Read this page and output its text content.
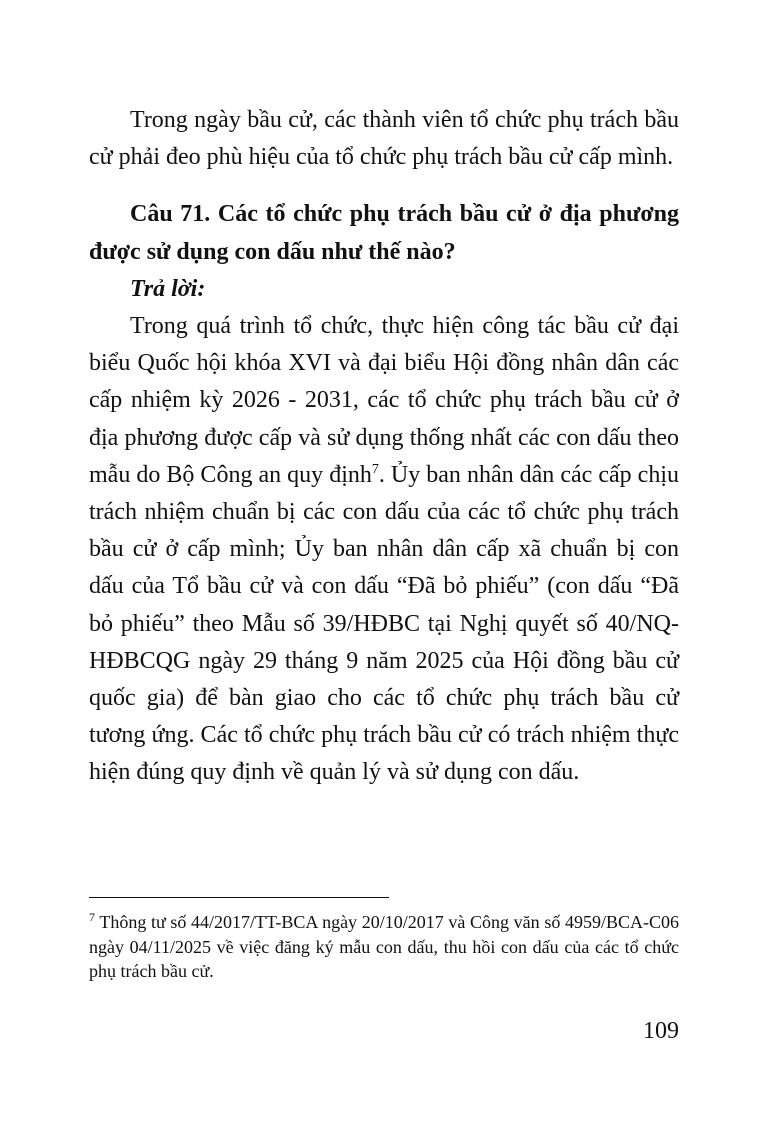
Trong ngày bầu cử, các thành viên tổ chức phụ trách bầu cử phải đeo phù hiệu của tổ chức phụ trách bầu cử cấp mình.

Câu 71. Các tổ chức phụ trách bầu cử ở địa phương được sử dụng con dấu như thế nào?

Trả lời:

Trong quá trình tổ chức, thực hiện công tác bầu cử đại biểu Quốc hội khóa XVI và đại biểu Hội đồng nhân dân các cấp nhiệm kỳ 2026 - 2031, các tổ chức phụ trách bầu cử ở địa phương được cấp và sử dụng thống nhất các con dấu theo mẫu do Bộ Công an quy định$^7$. Ủy ban nhân dân các cấp chịu trách nhiệm chuẩn bị các con dấu của các tổ chức phụ trách bầu cử ở cấp mình; Ủy ban nhân dân cấp xã chuẩn bị con dấu của Tổ bầu cử và con dấu “Đã bỏ phiếu” (con dấu “Đã bỏ phiếu” theo Mẫu số 39/HĐBC tại Nghị quyết số 40/NQ-HĐBCQG ngày 29 tháng 9 năm 2025 của Hội đồng bầu cử quốc gia) để bàn giao cho các tổ chức phụ trách bầu cử tương ứng. Các tổ chức phụ trách bầu cử có trách nhiệm thực hiện đúng quy định về quản lý và sử dụng con dấu.

$^7$ Thông tư số 44/2017/TT-BCA ngày 20/10/2017 và Công văn số 4959/BCA-C06 ngày 04/11/2025 về việc đăng ký mẫu con dấu, thu hồi con dấu của các tổ chức phụ trách bầu cử.

109
